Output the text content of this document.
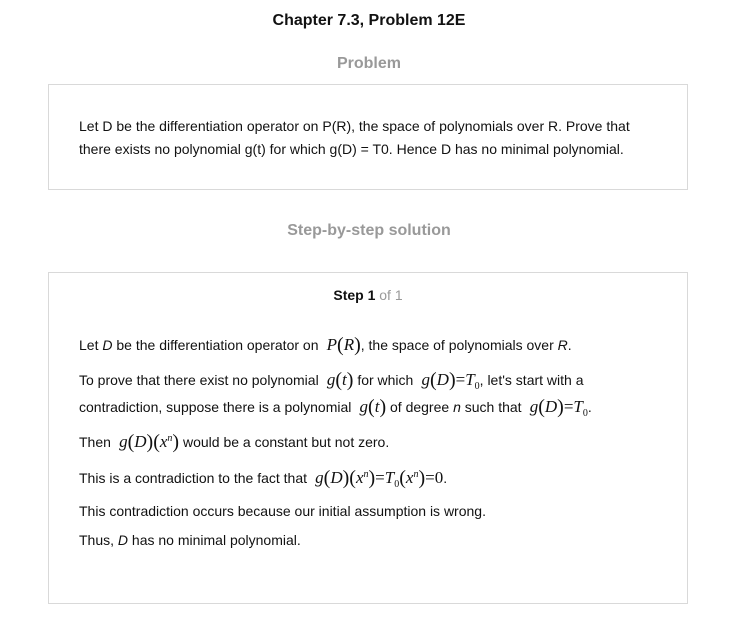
Chapter 7.3, Problem 12E
Problem
Let D be the differentiation operator on P(R), the space of polynomials over R. Prove that
there exists no polynomial g(t) for which g(D) = T0. Hence D has no minimal polynomial.
Step-by-step solution
Step 1 of 1
Let D be the differentiation operator on  P(R), the space of polynomials over R.
To prove that there exist no polynomial  g(t) for which  $g(D)=T_0$, let's start with a
contradiction, suppose there is a polynomial  g(t) of degree n such that  $g(D)=T_0$.
Then  $g(D)(x^n)$ would be a constant but not zero.
This is a contradiction to the fact that  $g(D)(x^n)=T_0(x^n)=0$.
This contradiction occurs because our initial assumption is wrong.
Thus, D has no minimal polynomial.
